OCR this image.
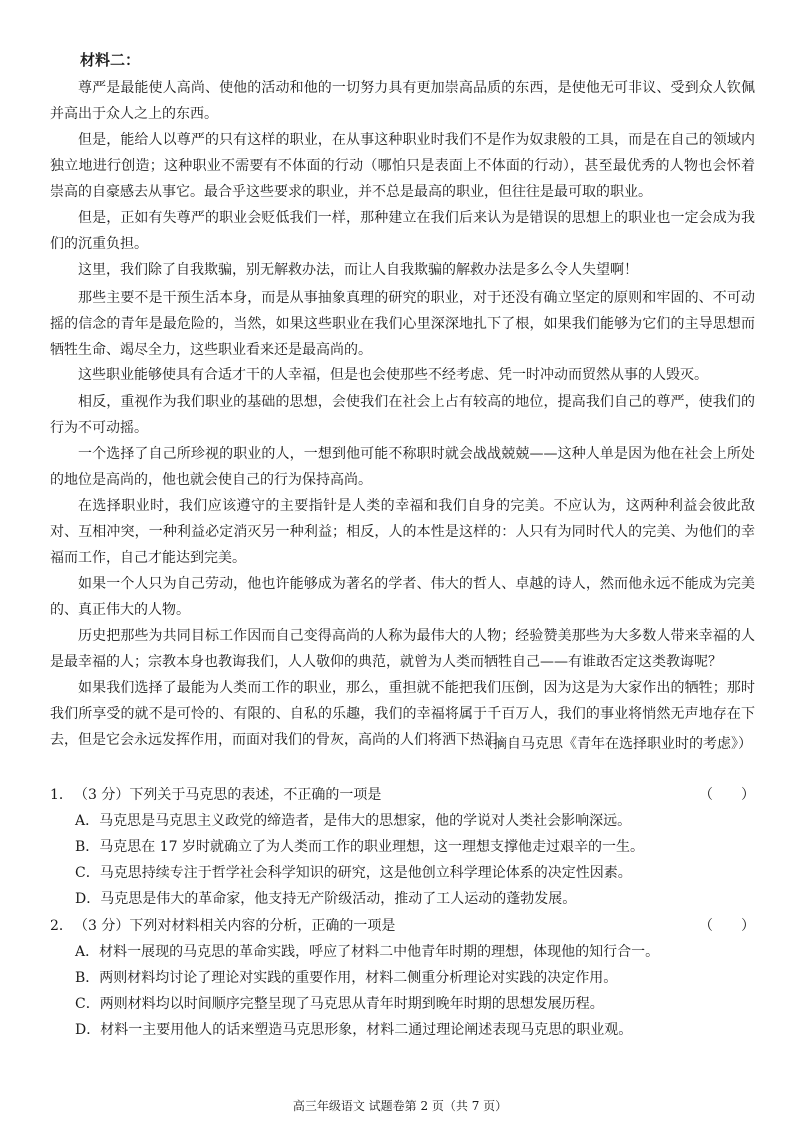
材料二：

尊严是最能使人高尚、使他的活动和他的一切努力具有更加崇高品质的东西，是使他无可非议、受到众人钦佩并高出于众人之上的东西。

但是，能给人以尊严的只有这样的职业，在从事这种职业时我们不是作为奴隶般的工具，而是在自己的领域内独立地进行创造；这种职业不需要有不体面的行动（哪怕只是表面上不体面的行动），甚至最优秀的人物也会怀着崇高的自豪感去从事它。最合乎这些要求的职业，并不总是最高的职业，但往往是最可取的职业。

但是，正如有失尊严的职业会贬低我们一样，那种建立在我们后来认为是错误的思想上的职业也一定会成为我们的沉重负担。

这里，我们除了自我欺骗，别无解救办法，而让人自我欺骗的解救办法是多么令人失望啊！

那些主要不是干预生活本身，而是从事抽象真理的研究的职业，对于还没有确立坚定的原则和牢固的、不可动摇的信念的青年是最危险的，当然，如果这些职业在我们心里深深地扎下了根，如果我们能够为它们的主导思想而牺牲生命、竭尽全力，这些职业看来还是最高尚的。

这些职业能够使具有合适才干的人幸福，但是也会使那些不经考虑、凭一时冲动而贸然从事的人毁灭。

相反，重视作为我们职业的基础的思想，会使我们在社会上占有较高的地位，提高我们自己的尊严，使我们的行为不可动摇。

一个选择了自己所珍视的职业的人，一想到他可能不称职时就会战战兢兢——这种人单是因为他在社会上所处的地位是高尚的，他也就会使自己的行为保持高尚。

在选择职业时，我们应该遵守的主要指针是人类的幸福和我们自身的完美。不应认为，这两种利益会彼此敌对、互相冲突，一种利益必定消灭另一种利益；相反，人的本性是这样的：人只有为同时代人的完美、为他们的幸福而工作，自己才能达到完美。

如果一个人只为自己劳动，他也许能够成为著名的学者、伟大的哲人、卓越的诗人，然而他永远不能成为完美的、真正伟大的人物。

历史把那些为共同目标工作因而自己变得高尚的人称为最伟大的人物；经验赞美那些为大多数人带来幸福的人是最幸福的人；宗教本身也教诲我们，人人敬仰的典范，就曾为人类而牺牲自己——有谁敢否定这类教诲呢？

如果我们选择了最能为人类而工作的职业，那么，重担就不能把我们压倒，因为这是为大家作出的牺牲；那时我们所享受的就不是可怜的、有限的、自私的乐趣，我们的幸福将属于千百万人，我们的事业将悄然无声地存在下去，但是它会永远发挥作用，而面对我们的骨灰，高尚的人们将洒下热泪。

（摘自马克思《青年在选择职业时的考虑》）
1．（3 分）下列关于马克思的表述，不正确的一项是	（　　）
A．马克思是马克思主义政党的缔造者，是伟大的思想家，他的学说对人类社会影响深远。
B．马克思在 17 岁时就确立了为人类而工作的职业理想，这一理想支撑他走过艰辛的一生。
C．马克思持续专注于哲学社会科学知识的研究，这是他创立科学理论体系的决定性因素。
D．马克思是伟大的革命家，他支持无产阶级活动，推动了工人运动的蓬勃发展。
2．（3 分）下列对材料相关内容的分析，正确的一项是	（　　）
A．材料一展现的马克思的革命实践，呼应了材料二中他青年时期的理想，体现他的知行合一。
B．两则材料均讨论了理论对实践的重要作用，材料二侧重分析理论对实践的决定作用。
C．两则材料均以时间顺序完整呈现了马克思从青年时期到晚年时期的思想发展历程。
D．材料一主要用他人的话来塑造马克思形象，材料二通过理论阐述表现马克思的职业观。
高三年级语文 试题卷第 2 页（共 7 页）
